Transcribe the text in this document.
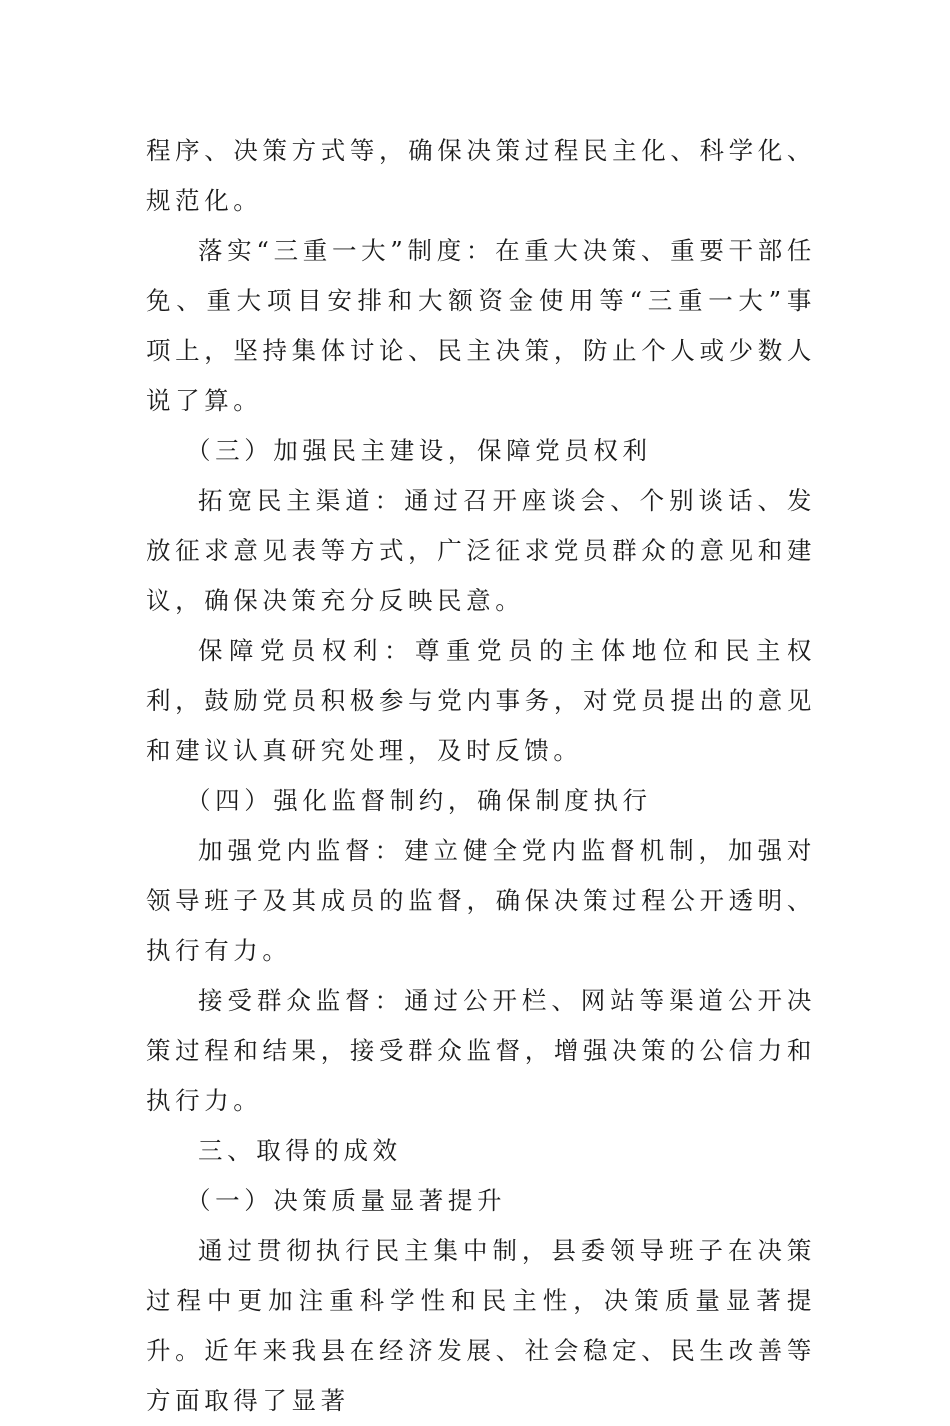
程序、决策方式等，确保决策过程民主化、科学化、规范化。

落实“三重一大”制度：在重大决策、重要干部任免、重大项目安排和大额资金使用等“三重一大”事项上，坚持集体讨论、民主决策，防止个人或少数人说了算。

（三）加强民主建设，保障党员权利

拓宽民主渠道：通过召开座谈会、个别谈话、发放征求意见表等方式，广泛征求党员群众的意见和建议，确保决策充分反映民意。

保障党员权利：尊重党员的主体地位和民主权利，鼓励党员积极参与党内事务，对党员提出的意见和建议认真研究处理，及时反馈。

（四）强化监督制约，确保制度执行

加强党内监督：建立健全党内监督机制，加强对领导班子及其成员的监督，确保决策过程公开透明、执行有力。

接受群众监督：通过公开栏、网站等渠道公开决策过程和结果，接受群众监督，增强决策的公信力和执行力。

三、取得的成效

（一）决策质量显著提升

通过贯彻执行民主集中制，县委领导班子在决策过程中更加注重科学性和民主性，决策质量显著提升。近年来我县在经济发展、社会稳定、民生改善等方面取得了显著
